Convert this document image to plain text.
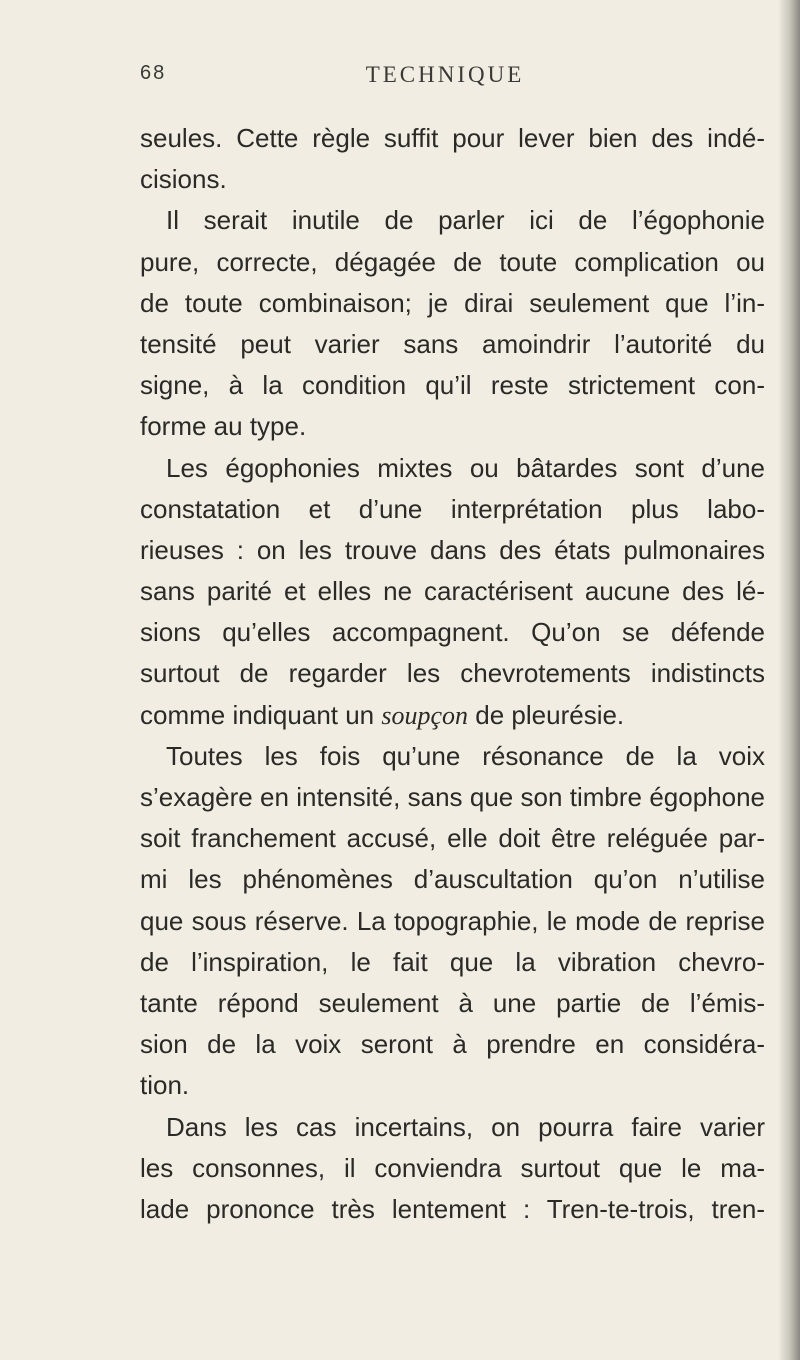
68	TECHNIQUE
seules. Cette règle suffit pour lever bien des indé-
cisions.
Il serait inutile de parler ici de l’égophonie
pure, correcte, dégagée de toute complication ou
de toute combinaison; je dirai seulement que l’in-
tensité peut varier sans amoindrir l’autorité du
signe, à la condition qu’il reste strictement con-
forme au type.
Les égophonies mixtes ou bâtardes sont d’une
constatation et d’une interprétation plus labo-
rieuses : on les trouve dans des états pulmonaires
sans parité et elles ne caractérisent aucune des lé-
sions qu’elles accompagnent. Qu’on se défende
surtout de regarder les chevrotements indistincts
comme indiquant un soupçon de pleurésie.
Toutes les fois qu’une résonance de la voix
s’exagère en intensité, sans que son timbre égophone
soit franchement accusé, elle doit être reléguée par-
mi les phénomènes d’auscultation qu’on n’utilise
que sous réserve. La topographie, le mode de reprise
de l’inspiration, le fait que la vibration chevro-
tante répond seulement à une partie de l’émis-
sion de la voix seront à prendre en considéra-
tion.
Dans les cas incertains, on pourra faire varier
les consonnes, il conviendra surtout que le ma-
lade prononce très lentement : Tren-te-trois, tren-
